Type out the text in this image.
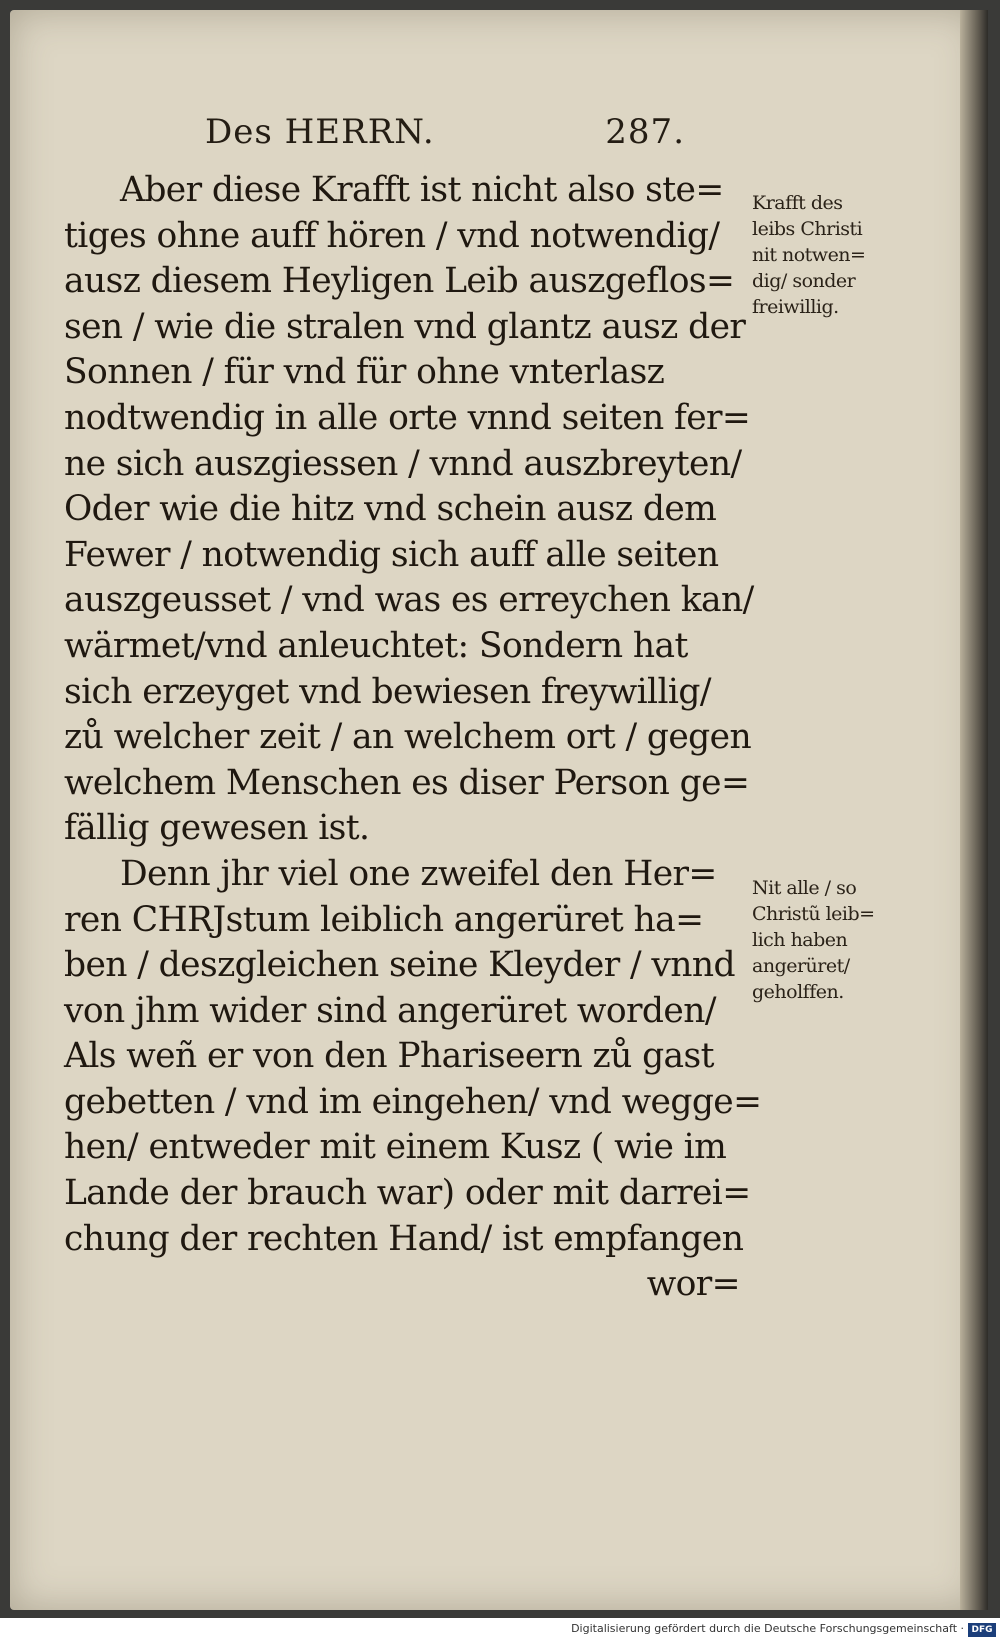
Des HERRN.	287.
Aber diese Krafft ist nicht also ste=
tiges ohne auff hören / vnd notwendig/
ausz diesem Heyligen Leib auszgeflos=
sen / wie die stralen vnd glantz ausz der
Sonnen / für vnd für ohne vnterlasz
nodtwendig in alle orte vnnd seiten fer=
ne sich auszgiessen / vnnd auszbreyten/
Oder wie die hitz vnd schein ausz dem
Fewer / notwendig sich auff alle seiten
auszgeusset / vnd was es erreychen kan/
wärmet/vnd anleuchtet: Sondern hat
sich erzeyget vnd bewiesen freywillig/
zů welcher zeit / an welchem ort / gegen
welchem Menschen es diser Person ge=
fällig gewesen ist.
Denn jhr viel one zweifel den Her=
ren CHRJstum leiblich angerüret ha=
ben / deszgleichen seine Kleyder / vnnd
von jhm wider sind angerüret worden/
Als weñ er von den Phariseern zů gast
gebetten / vnd im eingehen/ vnd wegge=
hen/ entweder mit einem Kusz ( wie im
Lande der brauch war) oder mit darrei=
chung der rechten Hand/ ist empfangen
wor=
Krafft des
leibs Christi
nit notwen=
dig/ sonder
freiwillig.
Nit alle / so
Christũ leib=
lich haben
angerüret/
geholffen.
Digitalisierung gefördert durch die Deutsche Forschungsgemeinschaft · DFG
